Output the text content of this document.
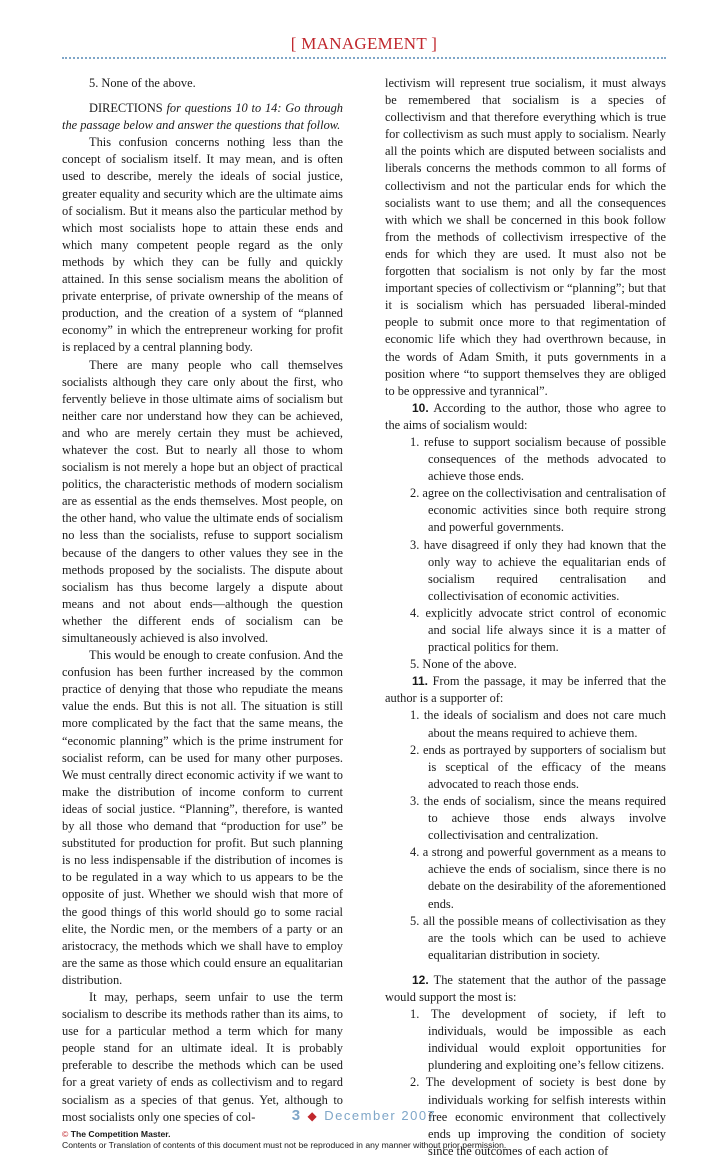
[ MANAGEMENT ]

5. None of the above.

DIRECTIONS for questions 10 to 14: Go through the passage below and answer the questions that follow.

This confusion concerns nothing less than the concept of socialism itself. It may mean, and is often used to describe, merely the ideals of social justice, greater equality and security which are the ultimate aims of socialism. But it means also the particular method by which most socialists hope to attain these ends and which many competent people regard as the only methods by which they can be fully and quickly attained. In this sense socialism means the abolition of private enterprise, of private ownership of the means of production, and the creation of a system of “planned economy” in which the entrepreneur working for profit is replaced by a central planning body.

There are many people who call themselves socialists although they care only about the first, who fervently believe in those ultimate aims of socialism but neither care nor understand how they can be achieved, and who are merely certain they must be achieved, whatever the cost. But to nearly all those to whom socialism is not merely a hope but an object of practical politics, the characteristic methods of modern socialism are as essential as the ends themselves. Most people, on the other hand, who value the ultimate ends of socialism no less than the socialists, refuse to support socialism because of the dangers to other values they see in the methods proposed by the socialists. The dispute about socialism has thus become largely a dispute about means and not about ends—although the question whether the different ends of socialism can be simultaneously achieved is also involved.

This would be enough to create confusion. And the confusion has been further increased by the common practice of denying that those who repudiate the means value the ends. But this is not all. The situation is still more complicated by the fact that the same means, the “economic planning” which is the prime instrument for socialist reform, can be used for many other purposes. We must centrally direct economic activity if we want to make the distribution of income conform to current ideas of social justice. “Planning”, therefore, is wanted by all those who demand that “production for use” be substituted for production for profit. But such planning is no less indispensable if the distribution of incomes is to be regulated in a way which to us appears to be the opposite of just. Whether we should wish that more of the good things of this world should go to some racial elite, the Nordic men, or the members of a party or an aristocracy, the methods which we shall have to employ are the same as those which could ensure an equalitarian distribution.

It may, perhaps, seem unfair to use the term socialism to describe its methods rather than its aims, to use for a particular method a term which for many people stand for an ultimate ideal. It is probably preferable to describe the methods which can be used for a great variety of ends as collectivism and to regard socialism as a species of that genus. Yet, although to most socialists only one species of col-

lectivism will represent true socialism, it must always be remembered that socialism is a species of collectivism and that therefore everything which is true for collectivism as such must apply to socialism. Nearly all the points which are disputed between socialists and liberals concerns the methods common to all forms of collectivism and not the particular ends for which the socialists want to use them; and all the consequences with which we shall be concerned in this book follow from the methods of collectivism irrespective of the ends for which they are used. It must also not be forgotten that socialism is not only by far the most important species of collectivism or “planning”; but that it is socialism which has persuaded liberal-minded people to submit once more to that regimentation of economic life which they had overthrown because, in the words of Adam Smith, it puts governments in a position where “to support themselves they are obliged to be oppressive and tyrannical”.

10. According to the author, those who agree to the aims of socialism would:

1. refuse to support socialism because of possible consequences of the methods advocated to achieve those ends.

2. agree on the collectivisation and centralisation of economic activities since both require strong and powerful governments.

3. have disagreed if only they had known that the only way to achieve the equalitarian ends of socialism required centralisation and collectivisation of economic activities.

4. explicitly advocate strict control of economic and social life always since it is a matter of practical politics for them.

5. None of the above.

11. From the passage, it may be inferred that the author is a supporter of:

1. the ideals of socialism and does not care much about the means required to achieve them.

2. ends as portrayed by supporters of socialism but is sceptical of the efficacy of the means advocated to reach those ends.

3. the ends of socialism, since the means required to achieve those ends always involve collectivisation and centralization.

4. a strong and powerful government as a means to achieve the ends of socialism, since there is no debate on the desirability of the aforementioned ends.

5. all the possible means of collectivisation as they are the tools which can be used to achieve equalitarian distribution in society.

12. The statement that the author of the passage would support the most is:

1. The development of society, if left to individuals, would be impossible as each individual would exploit opportunities for plundering and exploiting one’s fellow citizens.

2. The development of society is best done by individuals working for selfish interests within free economic environment that collectively ends up improving the condition of society since the outcomes of each action of

3 ◆ December 2007
© The Competition Master.
Contents or Translation of contents of this document must not be reproduced in any manner without prior permission.
